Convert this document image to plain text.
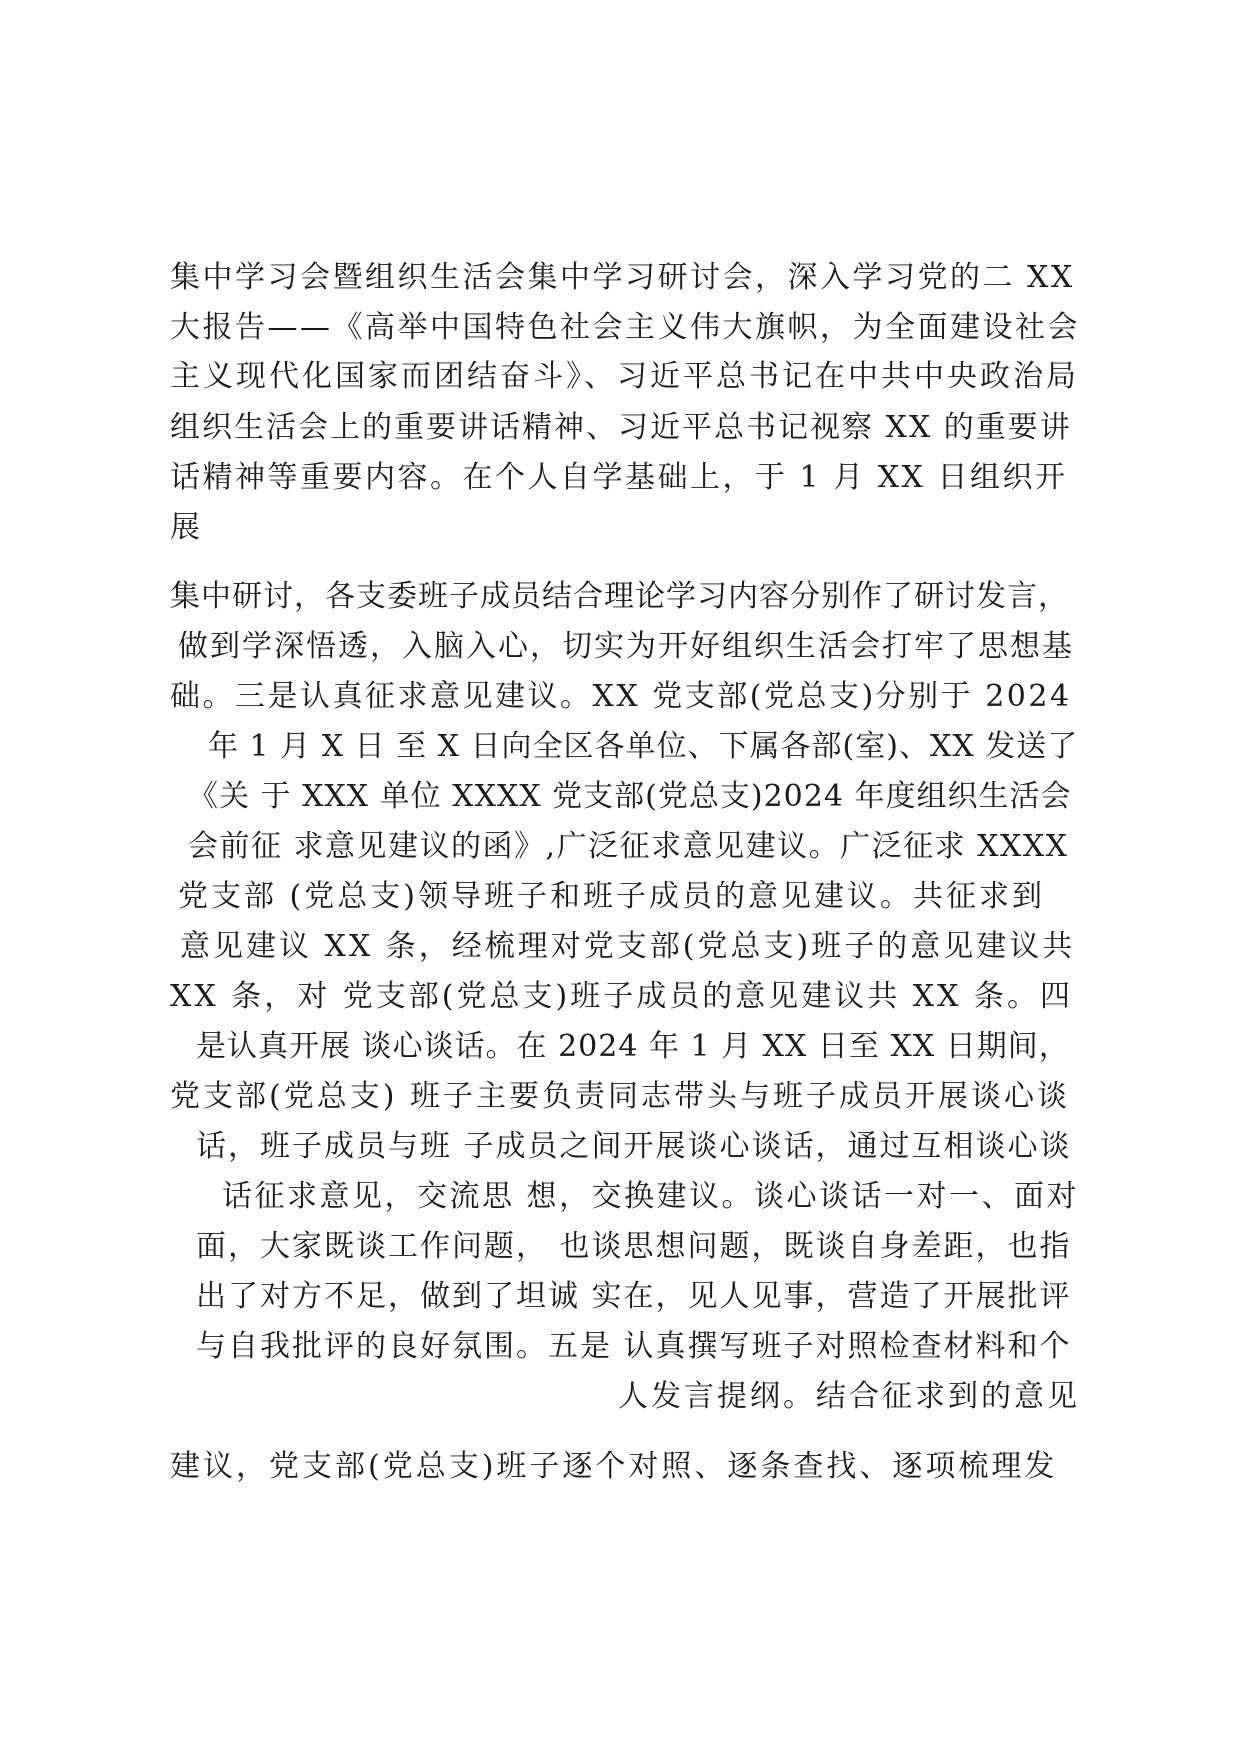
集中学习会暨组织生活会集中学习研讨会，深入学习党的二 XX
大报告——《高举中国特色社会主义伟大旗帜，为全面建设社会
主义现代化国家而团结奋斗》、习近平总书记在中共中央政治局
组织生活会上的重要讲话精神、习近平总书记视察 XX 的重要讲
话精神等重要内容。在个人自学基础上，于 1 月 XX 日组织开
展
集中研讨，各支委班子成员结合理论学习内容分别作了研讨发言，
做到学深悟透，入脑入心，切实为开好组织生活会打牢了思想基
础。三是认真征求意见建议。XX 党支部(党总支)分别于 2024
年 1 月 X 日 至 X 日向全区各单位、下属各部(室)、XX 发送了
《关 于 XXX 单位 XXXX 党支部(党总支)2024 年度组织生活会
会前征 求意见建议的函》,广泛征求意见建议。广泛征求 XXXX
党支部 (党总支)领导班子和班子成员的意见建议。共征求到
意见建议 XX 条，经梳理对党支部(党总支)班子的意见建议共
XX 条，对 党支部(党总支)班子成员的意见建议共 XX 条。四
是认真开展 谈心谈话。在 2024 年 1 月 XX 日至 XX 日期间，
党支部(党总支) 班子主要负责同志带头与班子成员开展谈心谈
话，班子成员与班 子成员之间开展谈心谈话，通过互相谈心谈
话征求意见，交流思 想，交换建议。谈心谈话一对一、面对
面，大家既谈工作问题， 也谈思想问题，既谈自身差距，也指
出了对方不足，做到了坦诚 实在，见人见事，营造了开展批评
与自我批评的良好氛围。五是 认真撰写班子对照检查材料和个
人发言提纲。结合征求到的意见
建议，党支部(党总支)班子逐个对照、逐条查找、逐项梳理发
